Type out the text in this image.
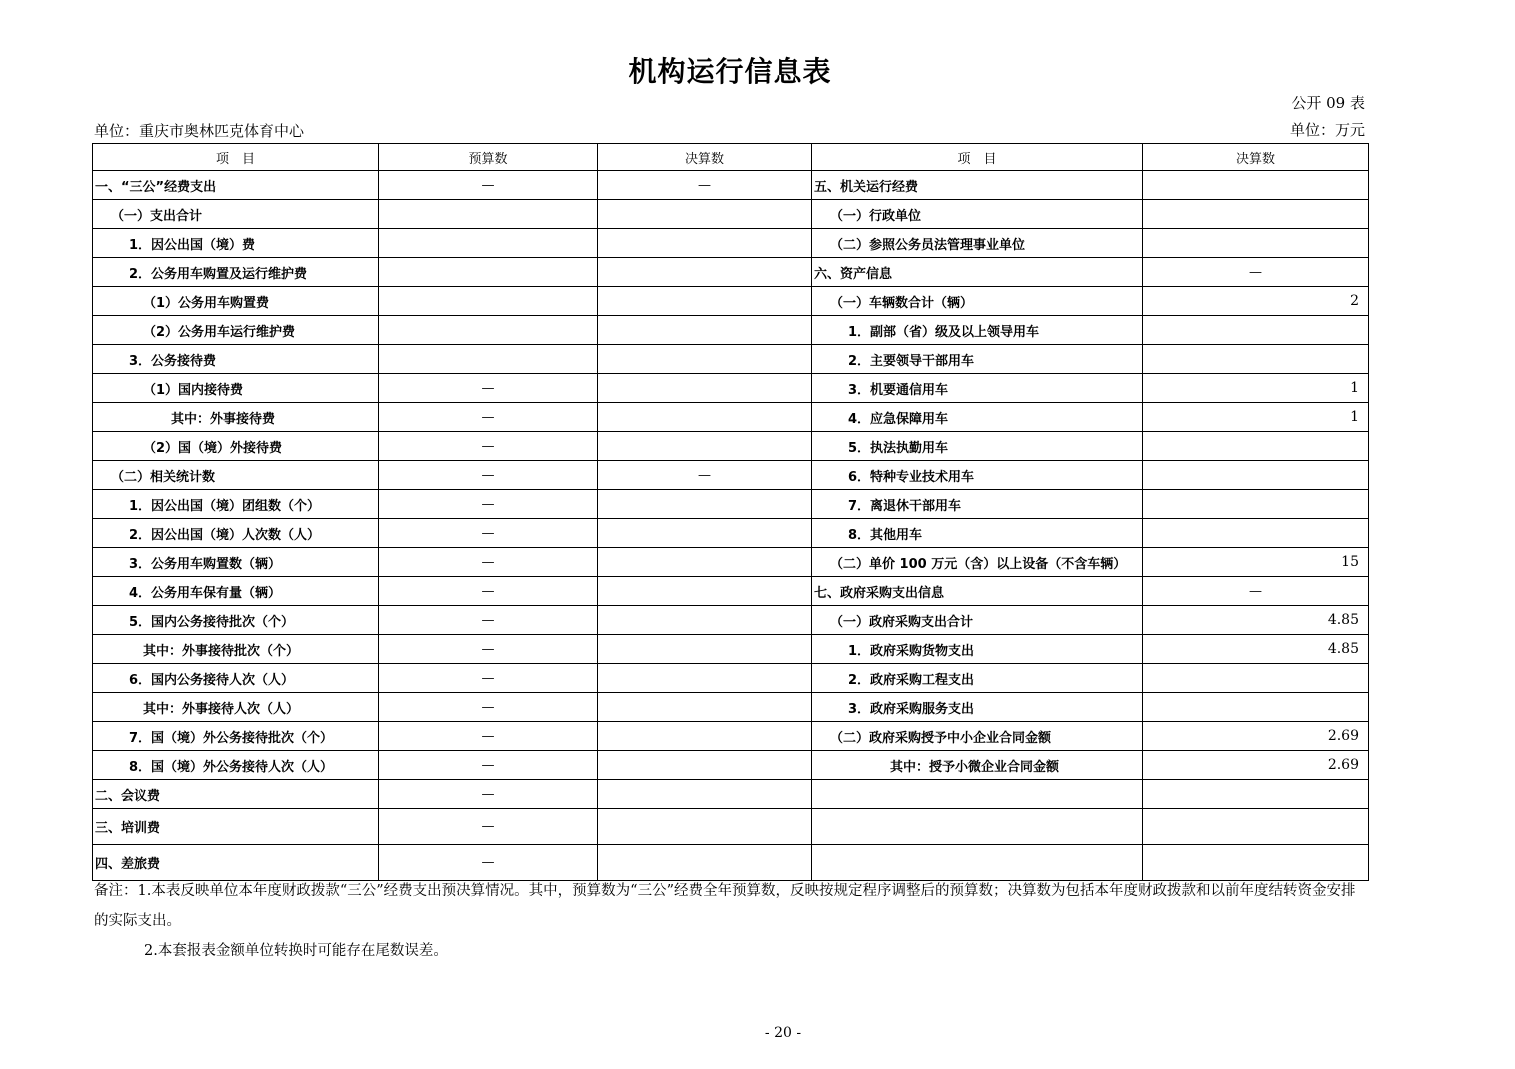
机构运行信息表
公开 09 表
单位：重庆市奥林匹克体育中心	单位：万元
项　目	预算数	决算数	项　目	决算数
一、“三公”经费支出	—	—	五、机关运行经费	
（一）支出合计			（一）行政单位	
1．因公出国（境）费			（二）参照公务员法管理事业单位	
2．公务用车购置及运行维护费			六、资产信息	—
（1）公务用车购置费			（一）车辆数合计（辆）	2
（2）公务用车运行维护费			1．副部（省）级及以上领导用车	
3．公务接待费			2．主要领导干部用车	
（1）国内接待费	—		3．机要通信用车	1
其中：外事接待费	—		4．应急保障用车	1
（2）国（境）外接待费	—		5．执法执勤用车	
（二）相关统计数	—	—	6．特种专业技术用车	
1．因公出国（境）团组数（个）	—		7．离退休干部用车	
2．因公出国（境）人次数（人）	—		8．其他用车	
3．公务用车购置数（辆）	—		（二）单价 100 万元（含）以上设备（不含车辆）	15
4．公务用车保有量（辆）	—		七、政府采购支出信息	—
5．国内公务接待批次（个）	—		（一）政府采购支出合计	4.85
其中：外事接待批次（个）	—		1．政府采购货物支出	4.85
6．国内公务接待人次（人）	—		2．政府采购工程支出	
其中：外事接待人次（人）	—		3．政府采购服务支出	
7．国（境）外公务接待批次（个）	—		（二）政府采购授予中小企业合同金额	2.69
8．国（境）外公务接待人次（人）	—		其中：授予小微企业合同金额	2.69
二、会议费	—			
三、培训费	—			
四、差旅费	—			
备注：1.本表反映单位本年度财政拨款“三公”经费支出预决算情况。其中，预算数为“三公”经费全年预算数，反映按规定程序调整后的预算数；决算数为包括本年度财政拨款和以前年度结转资金安排的实际支出。
2.本套报表金额单位转换时可能存在尾数误差。
- 20 -
